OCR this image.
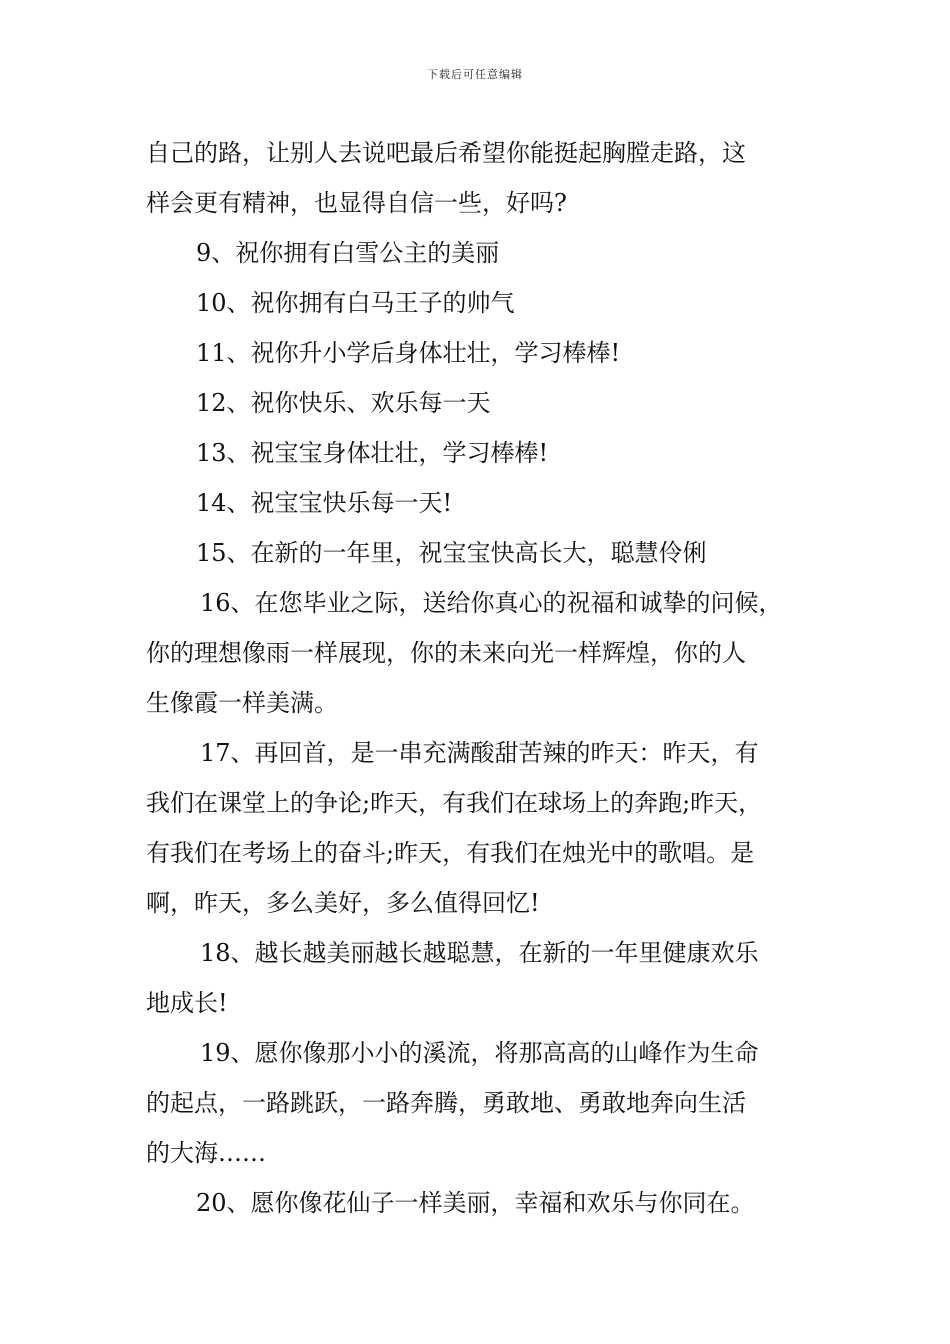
下载后可任意编辑
自己的路，让别人去说吧最后希望你能挺起胸膛走路，这
样会更有精神，也显得自信一些，好吗?
9、祝你拥有白雪公主的美丽
10、祝你拥有白马王子的帅气
11、祝你升小学后身体壮壮，学习棒棒!
12、祝你快乐、欢乐每一天
13、祝宝宝身体壮壮，学习棒棒!
14、祝宝宝快乐每一天!
15、在新的一年里，祝宝宝快高长大，聪慧伶俐
16、在您毕业之际，送给你真心的祝福和诚挚的问候，
你的理想像雨一样展现，你的未来向光一样辉煌，你的人
生像霞一样美满。
17、再回首，是一串充满酸甜苦辣的昨天：昨天，有
我们在课堂上的争论;昨天，有我们在球场上的奔跑;昨天，
有我们在考场上的奋斗;昨天，有我们在烛光中的歌唱。是
啊，昨天，多么美好，多么值得回忆!
18、越长越美丽越长越聪慧，在新的一年里健康欢乐
地成长!
19、愿你像那小小的溪流，将那高高的山峰作为生命
的起点，一路跳跃，一路奔腾，勇敢地、勇敢地奔向生活
的大海……
20、愿你像花仙子一样美丽，幸福和欢乐与你同在。
